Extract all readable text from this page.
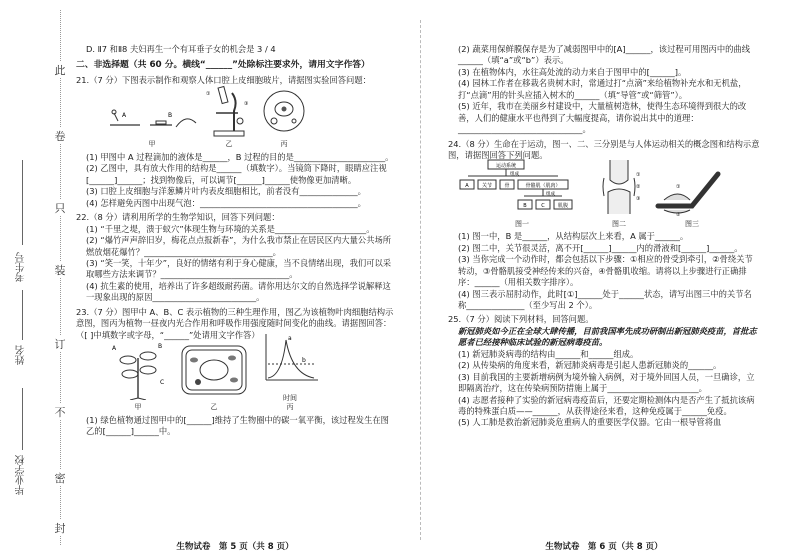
此
卷
只
装
订
不
密
封
考生号
姓名
毕业学校

D. Ⅱ7 和Ⅱ8 夫妇再生一个有耳垂子女的机会是 3 / 4

二、非选择题（共 60 分。横线“______”处除标注要求外，请用文字作答）

21.（7 分）下图表示制作和观察人体口腔上皮细胞玻片，请据图实验回答问题：

A	B
甲
①
③
乙	丙

(1) 甲图中 A 过程滴加的液体是______，B 过程的目的是______________________。

(2) 乙图中，具有放大作用的结构是______（填数字）。当镜筒下降时，眼睛应注视[______]______；找到物像后，可以调节[______]______使物像更加清晰。

(3) 口腔上皮细胞与洋葱鳞片叶内表皮细胞相比，前者没有______________。

(4) 怎样避免丙图中出现气泡：______________________________________。

22.（8 分）请利用所学的生物学知识，回答下列问题：

(1) “千里之堤，溃于蚁穴”体现生物与环境的关系是______________________。

(2) “爆竹声声辞旧岁，梅花点点报新春”，为什么我市禁止在居民区内大量公共场所燃放烟花爆竹？_______________________________。

(3) “笑一笑，十年少”，良好的情绪有利于身心健康，当不良情绪出现，我们可以采取哪些方法来调节？_______________________________。

(4) 抗生素的使用，培养出了许多超级耐药菌。请你用达尔文的自然选择学说解释这一现象出现的原因_________________________。

23.（7 分）图甲中 A、B、C 表示植物的三种生理作用，图乙为该植物叶肉细胞结构示意图，图丙为植物一昼夜内光合作用和呼吸作用强度随时间变化的曲线。请据图回答：（[ ]中填数字或字母，“______”处请用文字作答）

A	B
C
甲	乙
a
b
时间
丙

(1) 绿色植物通过图甲中的[______]维持了生物圈中的碳一氧平衡，该过程发生在图乙的[______]______中。

生物试卷　第 5 页（共 8 页）

(2) 蔬菜用保鲜膜保存是为了减弱图甲中的[A]______，该过程可用图丙中的曲线______（填“a”或“b”）表示。

(3) 在植物体内，水往高处流的动力来自于图甲中的[______]。

(4) 园林工作者在移栽名贵树木时，常通过打“点滴”来给植物补充水和无机盐，打“点滴”用的针头应插入树木的______（填“导管”或“筛管”）。

(5) 近年，我市在美丽乡村建设中，大量植树造林，使得生态环境得到很大的改善，人们的健康水平也得到了大幅度提高，请你说出其中的道理：______________________________。

24.（8 分）生命在于运动，图一、二、三分别是与人体运动相关的概念图和结构示意图，请据图回答下列问题。

运动系统
组成
A	关节 骨	骨骼肌（肌肉）
组成
B	C	肌腹
图一
①
②
③
图二
①
②
图三

(1) 图一中，B 是______，从结构层次上来看，A 属于______。

(2) 图二中，关节很灵活，离不开[______]______内的滑液和[______]______。

(3) 当你完成一个动作时，都会包括以下步骤：①相应的骨受到牵引，②骨绕关节转动，③骨骼肌接受神经传来的兴奋，④骨骼肌收缩。请将以上步骤进行正确排序：______（用相关数字排序）。

(4) 图三表示屈肘动作，此时[①]______处于______状态，请写出图三中的关节名称______________（至少写出 2 个）。

25.（7 分）阅读下列材料，回答问题。

新冠肺炎如今正在全球大肆传播，目前我国率先成功研制出新冠肺炎疫苗，首批志愿者已经接种临床试验的新冠病毒疫苗。

(1) 新冠肺炎病毒的结构由______和______组成。

(2) 从传染病的角度来看，新冠肺炎病毒是引起人患新冠肺炎的______。

(3) 目前我国的主要新增病例为境外输入病例，对于境外回国人员，一旦确诊，立即隔离治疗，这在传染病预防措施上属于______________________。

(4) 志愿者接种了实验的新冠病毒疫苗后，还要定期检测体内是否产生了抵抗该病毒的特殊蛋白质——______，从获得途径来看，这种免疫属于______免疫。

(5) 人工肺是救治新冠肺炎危重病人的重要医学仪器。它由一根导管将血

生物试卷　第 6 页（共 8 页）
